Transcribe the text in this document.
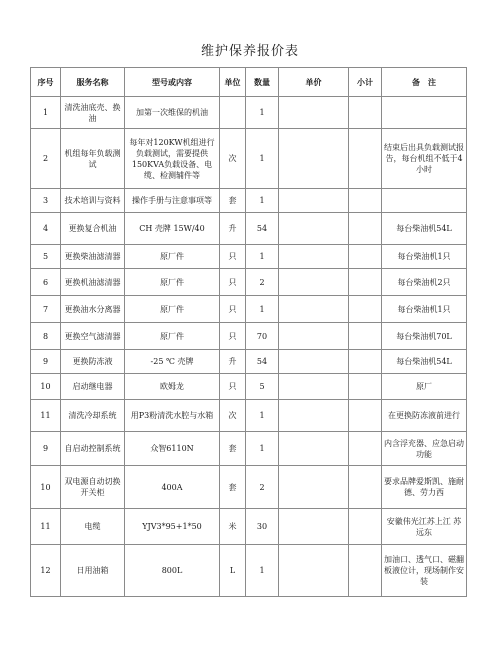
维护保养报价表
序号	服务名称	型号或内容	单位	数量	单价	小计	备　注
1	清洗油底壳、换油	加第一次维保的机油		1			
2	机组每年负载测试	每年对120KW机组进行负载测试，需要提供150KVA负载设备、电缆、检测辅件等	次	1			结束后出具负载测试报告，每台机组不低于4小时
3	技术培训与资料	操作手册与注意事项等	套	1			
4	更换复合机油	CH 壳牌 15W/40	升	54			每台柴油机54L
5	更换柴油滤清器	原厂件	只	1			每台柴油机1只
6	更换机油滤清器	原厂件	只	2			每台柴油机2只
7	更换油水分离器	原厂件	只	1			每台柴油机1只
8	更换空气滤清器	原厂件	只	70			每台柴油机70L
9	更换防冻液	-25 ℃ 壳牌	升	54			每台柴油机54L
10	启动继电器	欧姆龙	只	5			原厂
11	清洗冷却系统	用P3粉清洗水腔与水箱	次	1			在更换防冻液前进行
9	自启动控制系统	众智6110N	套	1			内含浮充器、应急启动功能
10	双电源自动切换开关柜	400A	套	2			要求品牌爱斯凯、施耐德、劳力西
11	电缆	YJV3*95+1*50	米	30			安徽伟光江苏上江 苏远东
12	日用油箱	800L	L	1			加油口、透气口、磁翻板液位计，现场制作安装
